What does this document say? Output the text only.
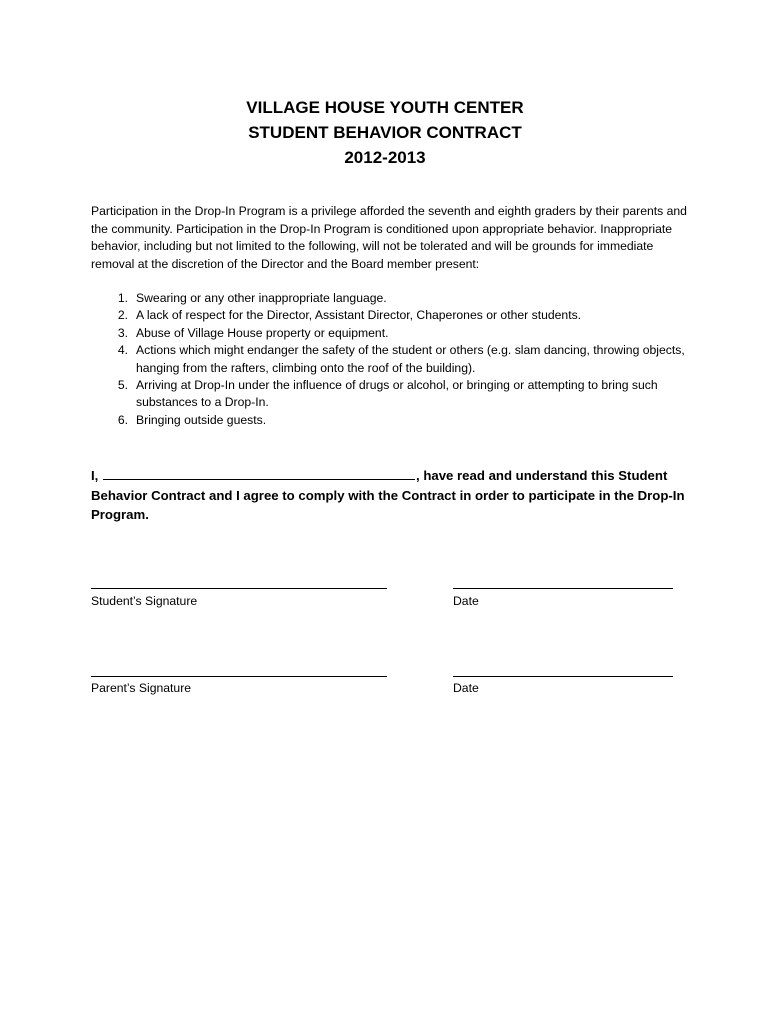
VILLAGE HOUSE YOUTH CENTER
STUDENT BEHAVIOR CONTRACT
2012-2013

Participation in the Drop-In Program is a privilege afforded the seventh and eighth graders by their parents and the community. Participation in the Drop-In Program is conditioned upon appropriate behavior. Inappropriate behavior, including but not limited to the following, will not be tolerated and will be grounds for immediate removal at the discretion of the Director and the Board member present:

1. Swearing or any other inappropriate language.
2. A lack of respect for the Director, Assistant Director, Chaperones or other students.
3. Abuse of Village House property or equipment.
4. Actions which might endanger the safety of the student or others (e.g. slam dancing, throwing objects, hanging from the rafters, climbing onto the roof of the building).
5. Arriving at Drop-In under the influence of drugs or alcohol, or bringing or attempting to bring such substances to a Drop-In.
6. Bringing outside guests.

I,	, have read and understand this Student Behavior Contract and I agree to comply with the Contract in order to participate in the Drop-In Program.

Student’s Signature	Date
Parent’s Signature	Date
